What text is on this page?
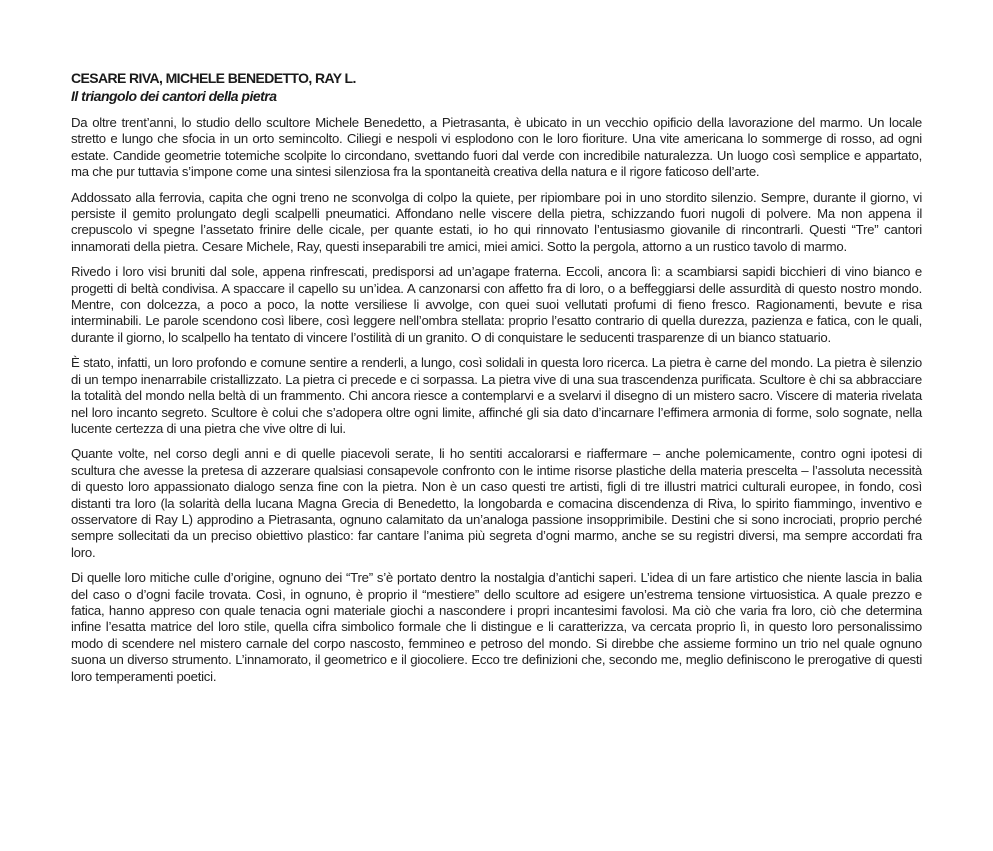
CESARE RIVA, MICHELE BENEDETTO, RAY L.
Il triangolo dei cantori della pietra

Da oltre trent’anni, lo studio dello scultore Michele Benedetto, a Pietrasanta, è ubicato in un vecchio opificio della lavorazione del marmo. Un locale stretto e lungo che sfocia in un orto semincolto. Ciliegi e nespoli vi esplodono con le loro fioriture. Una vite americana lo sommerge di rosso, ad ogni estate. Candide geometrie totemiche scolpite lo circondano, svettando fuori dal verde con incredibile naturalezza. Un luogo così semplice e appartato, ma che pur tuttavia s’impone come una sintesi silenziosa fra la spontaneità creativa della natura e il rigore faticoso dell’arte.

Addossato alla ferrovia, capita che ogni treno ne sconvolga di colpo la quiete, per ripiombare poi in uno stordito silenzio. Sempre, durante il giorno, vi persiste il gemito prolungato degli scalpelli pneumatici. Affondano nelle viscere della pietra, schizzando fuori nugoli di polvere. Ma non appena il crepuscolo vi spegne l’assetato frinire delle cicale, per quante estati, io ho qui rinnovato l’entusiasmo giovanile di rincontrarli. Questi “Tre” cantori innamorati della pietra. Cesare Michele, Ray, questi inseparabili tre amici, miei amici. Sotto la pergola, attorno a un rustico tavolo di marmo.

Rivedo i loro visi bruniti dal sole, appena rinfrescati, predisporsi ad un’agape fraterna. Eccoli, ancora lì: a scambiarsi sapidi bicchieri di vino bianco e progetti di beltà condivisa. A spaccare il capello su un’idea. A canzonarsi con affetto fra di loro, o a beffeggiarsi delle assurdità di questo nostro mondo. Mentre, con dolcezza, a poco a poco, la notte versiliese li avvolge, con quei suoi vellutati profumi di fieno fresco. Ragionamenti, bevute e risa interminabili. Le parole scendono così libere, così leggere nell’ombra stellata: proprio l’esatto contrario di quella durezza, pazienza e fatica, con le quali, durante il giorno, lo scalpello ha tentato di vincere l’ostilità di un granito. O di conquistare le seducenti trasparenze di un bianco statuario.

È stato, infatti, un loro profondo e comune sentire a renderli, a lungo, così solidali in questa loro ricerca. La pietra è carne del mondo. La pietra è silenzio di un tempo inenarrabile cristallizzato. La pietra ci precede e ci sorpassa. La pietra vive di una sua trascendenza purificata. Scultore è chi sa abbracciare la totalità del mondo nella beltà di un frammento. Chi ancora riesce a contemplarvi e a svelarvi il disegno di un mistero sacro. Viscere di materia rivelata nel loro incanto segreto. Scultore è colui che s’adopera oltre ogni limite, affinché gli sia dato d’incarnare l’effimera armonia di forme, solo sognate, nella lucente certezza di una pietra che vive oltre di lui.

Quante volte, nel corso degli anni e di quelle piacevoli serate, li ho sentiti accalorarsi e riaffermare – anche polemicamente, contro ogni ipotesi di scultura che avesse la pretesa di azzerare qualsiasi consapevole confronto con le intime risorse plastiche della materia prescelta – l’assoluta necessità di questo loro appassionato dialogo senza fine con la pietra. Non è un caso questi tre artisti, figli di tre illustri matrici culturali europee, in fondo, così distanti tra loro (la solarità della lucana Magna Grecia di Benedetto, la longobarda e comacina discendenza di Riva, lo spirito fiammingo, inventivo e osservatore di Ray L) approdino a Pietrasanta, ognuno calamitato da un’analoga passione insopprimibile. Destini che si sono incrociati, proprio perché sempre sollecitati da un preciso obiettivo plastico: far cantare l’anima più segreta d’ogni marmo, anche se su registri diversi, ma sempre accordati fra loro.

Di quelle loro mitiche culle d’origine, ognuno dei “Tre” s’è portato dentro la nostalgia d’antichi saperi. L’idea di un fare artistico che niente lascia in balia del caso o d’ogni facile trovata. Così, in ognuno, è proprio il “mestiere” dello scultore ad esigere un’estrema tensione virtuosistica. A quale prezzo e fatica, hanno appreso con quale tenacia ogni materiale giochi a nascondere i propri incantesimi favolosi. Ma ciò che varia fra loro, ciò che determina infine l’esatta matrice del loro stile, quella cifra simbolico formale che li distingue e li caratterizza, va cercata proprio lì, in questo loro personalissimo modo di scendere nel mistero carnale del corpo nascosto, femmineo e petroso del mondo. Si direbbe che assieme formino un trio nel quale ognuno suona un diverso strumento. L’innamorato, il geometrico e il giocoliere. Ecco tre definizioni che, secondo me, meglio definiscono le prerogative di questi loro temperamenti poetici.
